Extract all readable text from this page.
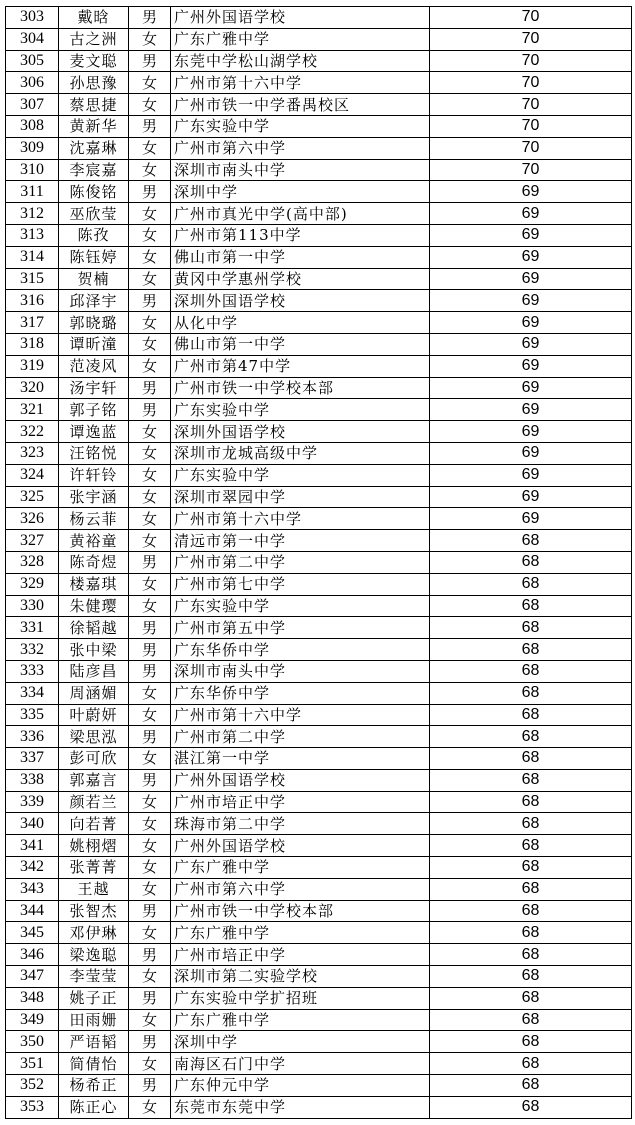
303	戴晗	男	广州外国语学校	70
304	古之洲	女	广东广雅中学	70
305	麦文聪	男	东莞中学松山湖学校	70
306	孙思豫	女	广州市第十六中学	70
307	蔡思捷	女	广州市铁一中学番禺校区	70
308	黄新华	男	广东实验中学	70
309	沈嘉琳	女	广州市第六中学	70
310	李宸嘉	女	深圳市南头中学	70
311	陈俊铭	男	深圳中学	69
312	巫欣莹	女	广州市真光中学(高中部)	69
313	陈孜	女	广州市第113中学	69
314	陈钰婷	女	佛山市第一中学	69
315	贺楠	女	黄冈中学惠州学校	69
316	邱泽宇	男	深圳外国语学校	69
317	郭晓璐	女	从化中学	69
318	谭昕潼	女	佛山市第一中学	69
319	范凌风	女	广州市第47中学	69
320	汤宇轩	男	广州市铁一中学校本部	69
321	郭子铭	男	广东实验中学	69
322	谭逸蓝	女	深圳外国语学校	69
323	汪铭悦	女	深圳市龙城高级中学	69
324	许轩铃	女	广东实验中学	69
325	张宇涵	女	深圳市翠园中学	69
326	杨云菲	女	广州市第十六中学	69
327	黄裕童	女	清远市第一中学	68
328	陈奇煜	男	广州市第二中学	68
329	楼嘉琪	女	广州市第七中学	68
330	朱健璎	女	广东实验中学	68
331	徐韬越	男	广州市第五中学	68
332	张中梁	男	广东华侨中学	68
333	陆彦昌	男	深圳市南头中学	68
334	周涵媚	女	广东华侨中学	68
335	叶蔚妍	女	广州市第十六中学	68
336	梁思泓	男	广州市第二中学	68
337	彭可欣	女	湛江第一中学	68
338	郭嘉言	男	广州外国语学校	68
339	颜若兰	女	广州市培正中学	68
340	向若菁	女	珠海市第二中学	68
341	姚栩熠	女	广州外国语学校	68
342	张菁菁	女	广东广雅中学	68
343	王越	女	广州市第六中学	68
344	张智杰	男	广州市铁一中学校本部	68
345	邓伊琳	女	广东广雅中学	68
346	梁逸聪	男	广州市培正中学	68
347	李莹莹	女	深圳市第二实验学校	68
348	姚子正	男	广东实验中学扩招班	68
349	田雨姗	女	广东广雅中学	68
350	严语韬	男	深圳中学	68
351	简倩怡	女	南海区石门中学	68
352	杨希正	男	广东仲元中学	68
353	陈正心	女	东莞市东莞中学	68
